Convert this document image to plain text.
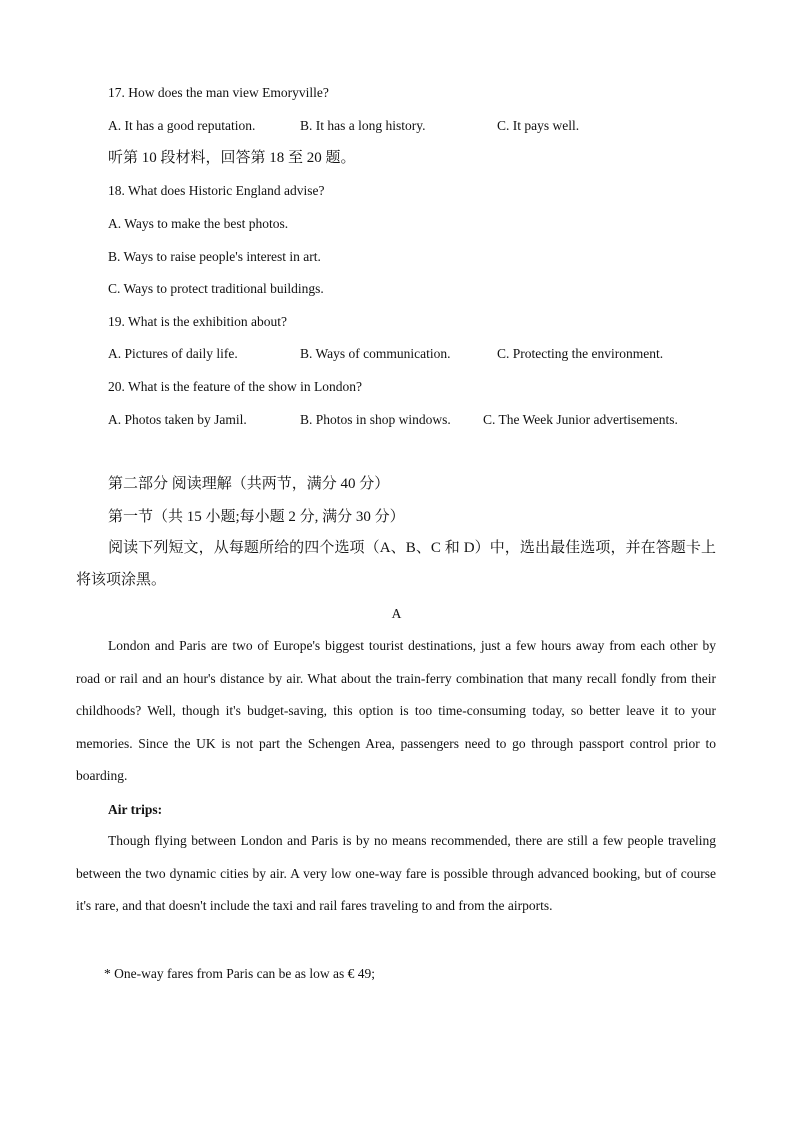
17. How does the man view Emoryville?
A. It has a good reputation.	B. It has a long history.	C. It pays well.
听第 10 段材料，回答第 18 至 20 题。
18. What does Historic England advise?
A. Ways to make the best photos.
B. Ways to raise people's interest in art.
C. Ways to protect traditional buildings.
19. What is the exhibition about?
A. Pictures of daily life.	B. Ways of communication.	C. Protecting the environment.
20. What is the feature of the show in London?
A. Photos taken by Jamil.	B. Photos in shop windows. C. The Week Junior advertisements.
第二部分 阅读理解（共两节，满分 40 分）
第一节（共 15 小题;每小题 2 分, 满分 30 分）
阅读下列短文，从每题所给的四个选项（A、B、C 和 D）中，选出最佳选项，并在答题卡上将该项涂黑。
A
London and Paris are two of Europe's biggest tourist destinations, just a few hours away from each other by road or rail and an hour's distance by air. What about the train-ferry combination that many recall fondly from their childhoods? Well, though it's budget-saving, this option is too time-consuming today, so better leave it to your memories. Since the UK is not part the Schengen Area, passengers need to go through passport control prior to boarding.
Air trips:
Though flying between London and Paris is by no means recommended, there are still a few people traveling between the two dynamic cities by air. A very low one-way fare is possible through advanced booking, but of course it's rare, and that doesn't include the taxi and rail fares traveling to and from the airports.
* One-way fares from Paris can be as low as € 49;
